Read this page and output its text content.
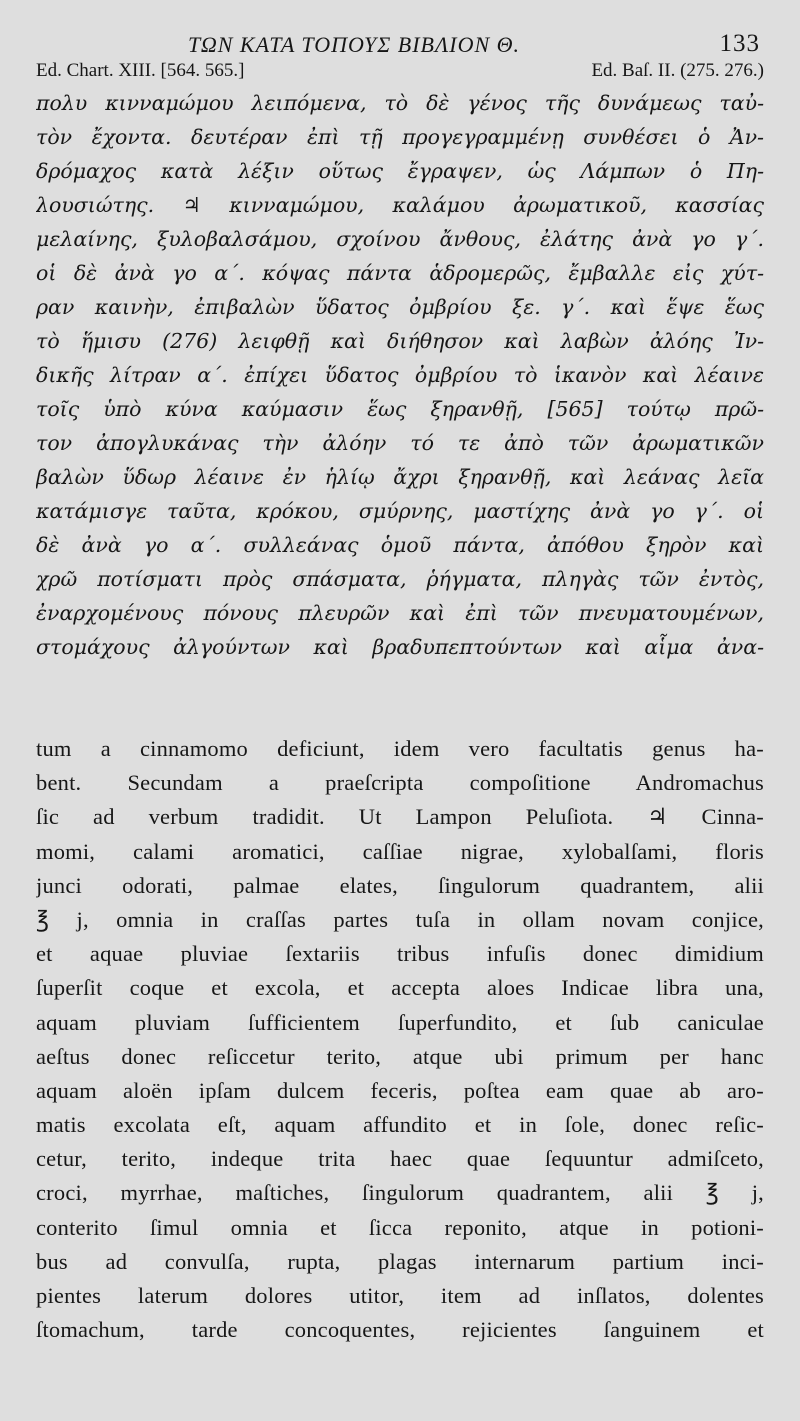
ΤΩΝ ΚΑΤΑ ΤΟΠΟΥΣ ΒΙΒΛΙΟΝ Θ.	133
Ed. Chart. XIII. [564. 565.]	Ed. Baſ. II. (275. 276.)
πολυ κινναμώμου λειπόμενα, τὸ δὲ γένος τῆς δυνάμεως ταὐ-
τὸν ἔχοντα. δευτέραν ἐπὶ τῇ προγεγραμμένῃ συνθέσει ὁ Ἀν-
δρόμαχος κατὰ λέξιν οὕτως ἔγραψεν, ὡς Λάμπων ὁ Πη-
λουσιώτης. ♃ κινναμώμου, καλάμου ἀρωματικοῦ, κασσίας
μελαίνης, ξυλοβαλσάμου, σχοίνου ἄνθους, ἐλάτης ἀνὰ γο γ΄.
οἱ δὲ ἀνὰ γο α΄. κόψας πάντα ἁδρομερῶς, ἔμβαλλε εἰς χύτ-
ραν καινὴν, ἐπιβαλὼν ὕδατος ὀμβρίου ξε. γ΄. καὶ ἕψε ἕως
τὸ ἥμισυ (276) λειφθῇ καὶ διήθησον καὶ λαβὼν ἀλόης Ἰν-
δικῆς λίτραν α΄. ἐπίχει ὕδατος ὀμβρίου τὸ ἱκανὸν καὶ λέαινε
τοῖς ὑπὸ κύνα καύμασιν ἕως ξηρανθῇ, [565] τούτῳ πρῶ-
τον ἀπογλυκάνας τὴν ἀλόην τό τε ἀπὸ τῶν ἀρωματικῶν
βαλὼν ὕδωρ λέαινε ἐν ἡλίῳ ἄχρι ξηρανθῇ, καὶ λεάνας λεῖα
κατάμισγε ταῦτα, κρόκου, σμύρνης, μαστίχης ἀνὰ γο γ΄. οἱ
δὲ ἀνὰ γο α΄. συλλεάνας ὁμοῦ πάντα, ἀπόθου ξηρὸν καὶ
χρῶ ποτίσματι πρὸς σπάσματα, ῥήγματα, πληγὰς τῶν ἐντὸς,
ἐναρχομένους πόνους πλευρῶν καὶ ἐπὶ τῶν πνευματουμένων,
στομάχους ἀλγούντων καὶ βραδυπεπτούντων καὶ αἷμα ἀνα-
tum a cinnamomo deficiunt, idem vero facultatis genus ha-
bent. Secundam a praeſcripta compoſitione Andromachus
ſic ad verbum tradidit. Ut Lampon Peluſiota. ♃ Cinna-
momi, calami aromatici, caſſiae nigrae, xylobalſami, floris
junci odorati, palmae elates, ſingulorum quadrantem, alii
℥ j, omnia in craſſas partes tuſa in ollam novam conjice,
et aquae pluviae ſextariis tribus infuſis donec dimidium
ſuperſit coque et excola, et accepta aloes Indicae libra una,
aquam pluviam ſufficientem ſuperfundito, et ſub caniculae
aeſtus donec reſiccetur terito, atque ubi primum per hanc
aquam aloën ipſam dulcem feceris, poſtea eam quae ab aro-
matis excolata eſt, aquam affundito et in ſole, donec reſic-
cetur, terito, indeque trita haec quae ſequuntur admiſceto,
croci, myrrhae, maſtiches, ſingulorum quadrantem, alii ℥ j,
conterito ſimul omnia et ſicca reponito, atque in potioni-
bus ad convulſa, rupta, plagas internarum partium inci-
pientes laterum dolores utitor, item ad inſlatos, dolentes
ſtomachum, tarde concoquentes, rejicientes ſanguinem et
